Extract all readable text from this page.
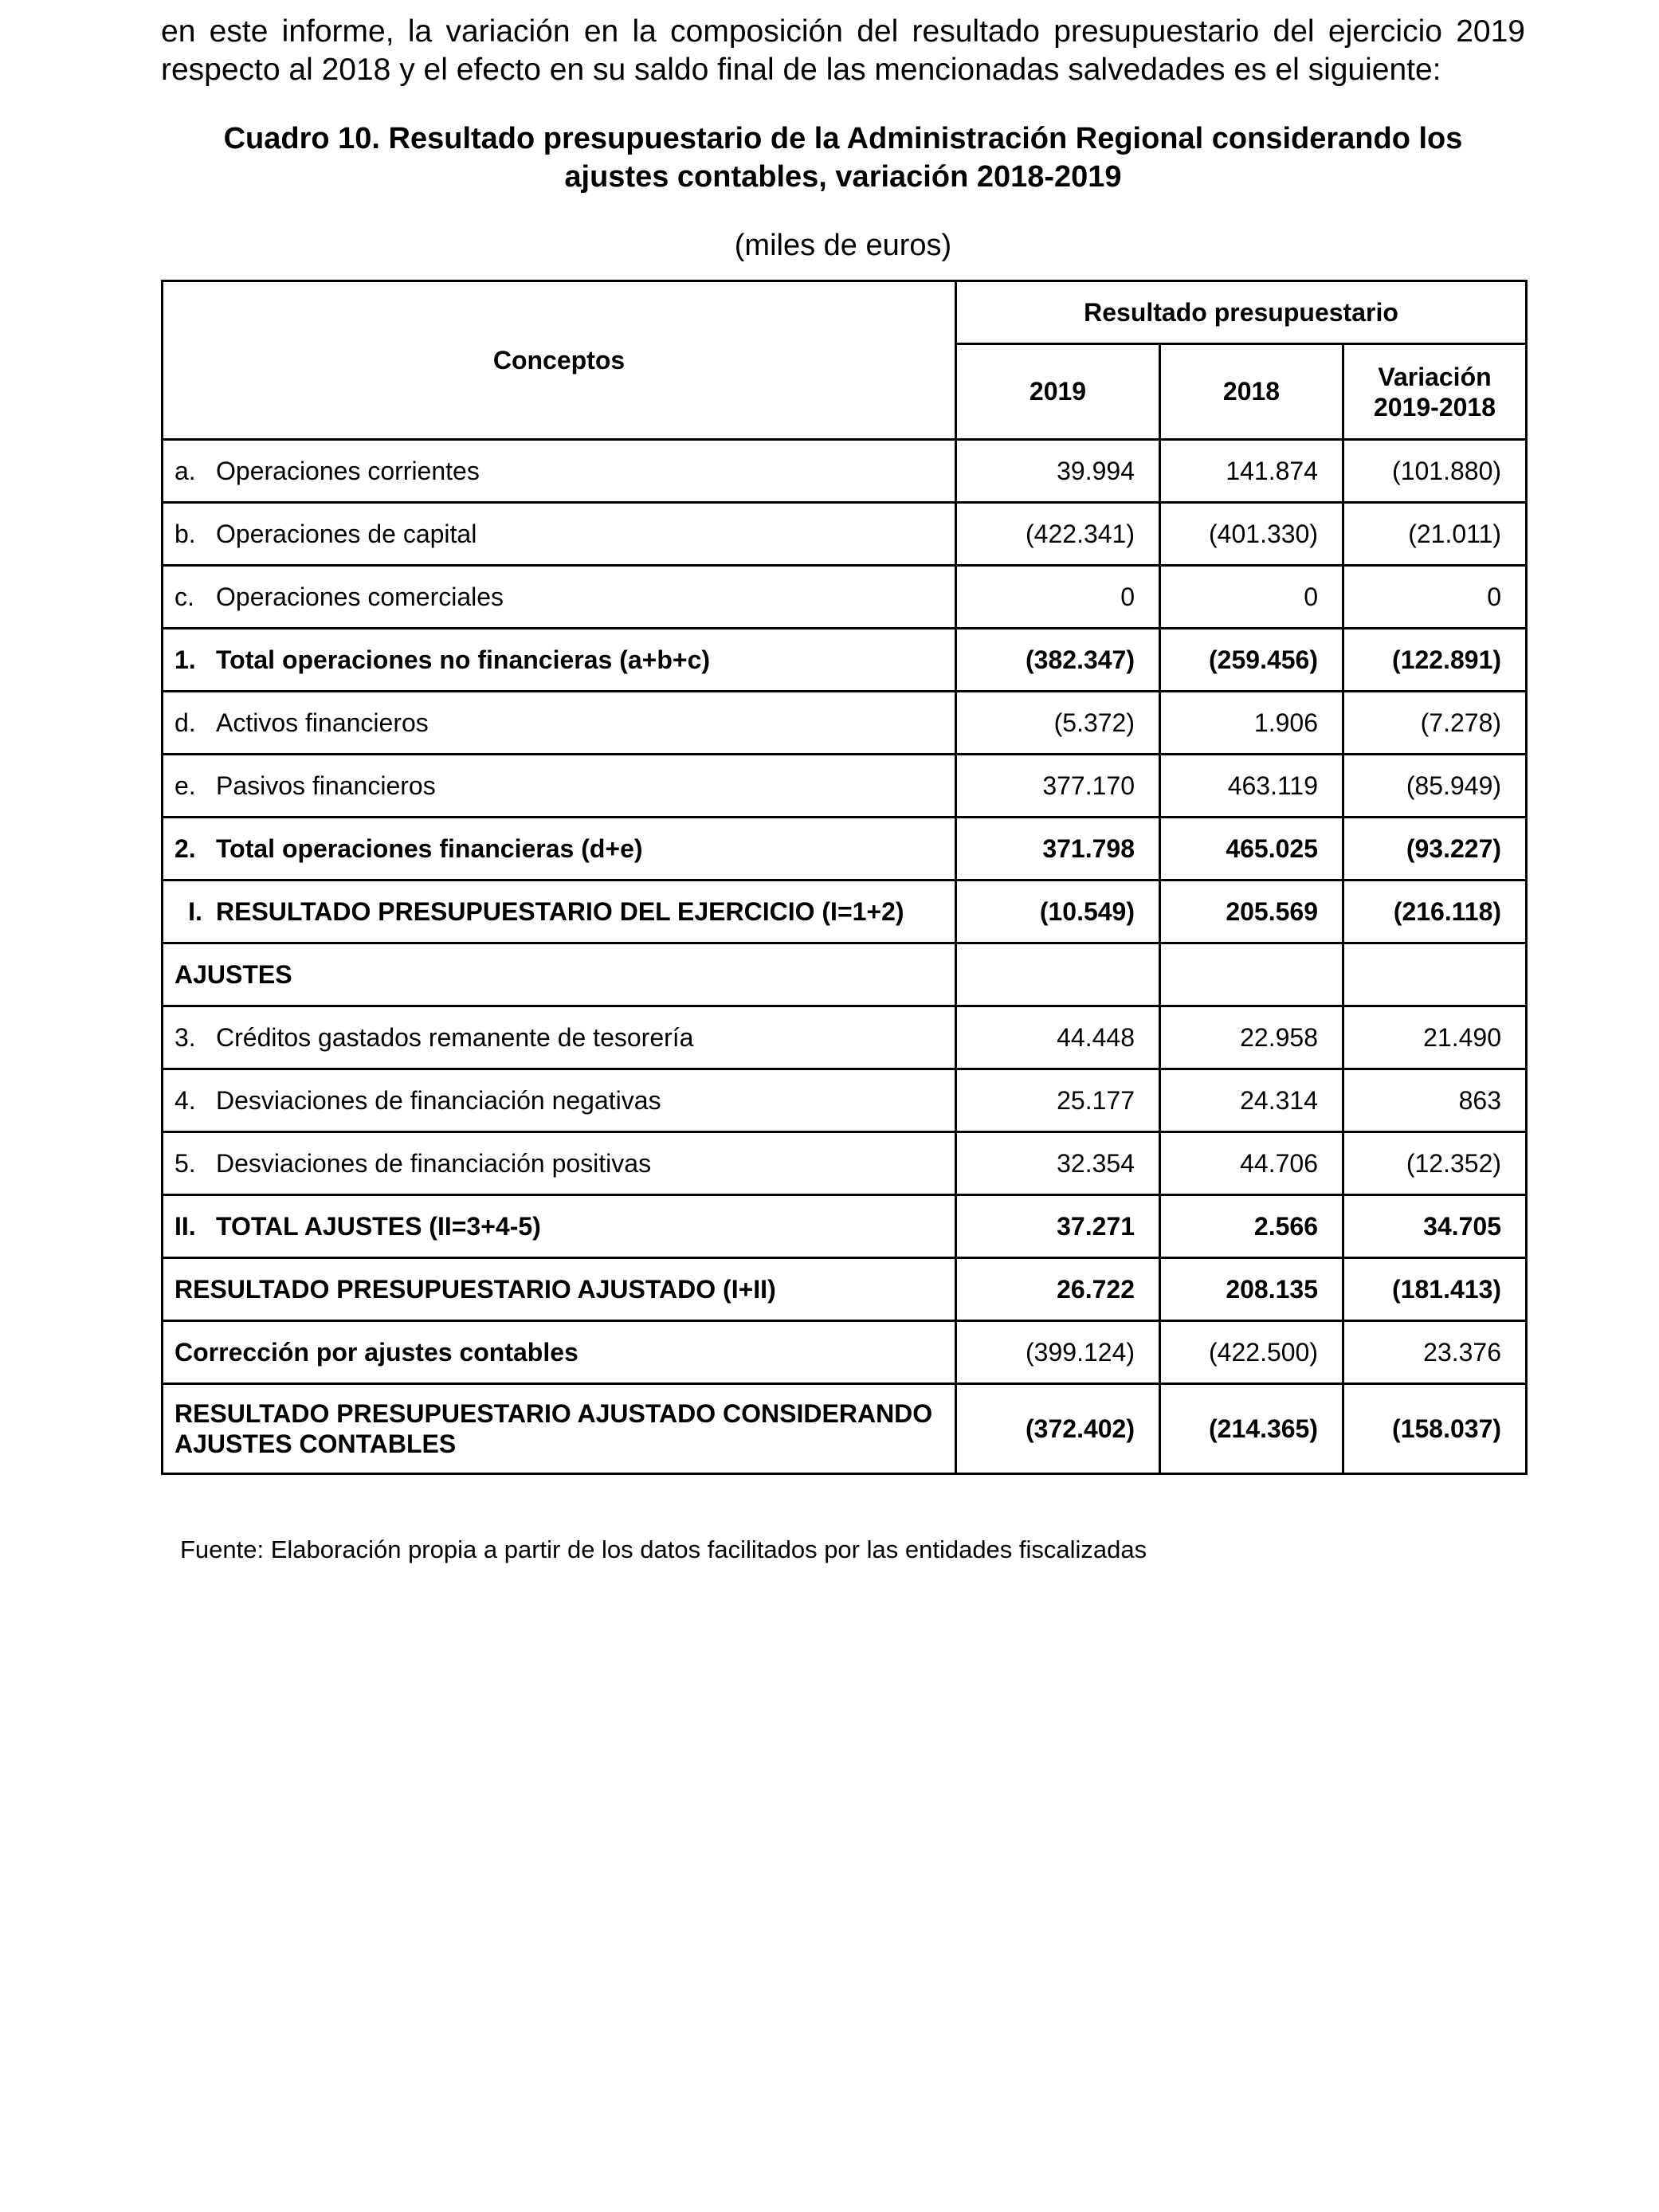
en este informe, la variación en la composición del resultado presupuestario del ejercicio 2019
respecto al 2018 y el efecto en su saldo final de las mencionadas salvedades es el siguiente:
Cuadro 10. Resultado presupuestario de la Administración Regional considerando los
ajustes contables, variación 2018-2019
(miles de euros)
Conceptos	Resultado presupuestario		
	2019	2018	Variación
2019-2018

a. Operaciones corrientes	39.994	141.874	(101.880)
b. Operaciones de capital	(422.341)	(401.330)	(21.011)
c. Operaciones comerciales	0	0	0
1. Total operaciones no financieras (a+b+c)	(382.347)	(259.456)	(122.891)
d. Activos financieros	(5.372)	1.906	(7.278)
e. Pasivos financieros	377.170	463.119	(85.949)
2. Total operaciones financieras (d+e)	371.798	465.025	(93.227)
I. RESULTADO PRESUPUESTARIO DEL EJERCICIO (I=1+2)	(10.549)	205.569	(216.118)
AJUSTES			
3. Créditos gastados remanente de tesorería	44.448	22.958	21.490
4. Desviaciones de financiación negativas	25.177	24.314	863
5. Desviaciones de financiación positivas	32.354	44.706	(12.352)
II. TOTAL AJUSTES (II=3+4-5)	37.271	2.566	34.705
RESULTADO PRESUPUESTARIO AJUSTADO (I+II)	26.722	208.135	(181.413)
Corrección por ajustes contables	(399.124)	(422.500)	23.376

RESULTADO PRESUPUESTARIO AJUSTADO CONSIDERANDO
AJUSTES CONTABLES	(372.402)	(214.365)	(158.037)
Fuente: Elaboración propia a partir de los datos facilitados por las entidades fiscalizadas
